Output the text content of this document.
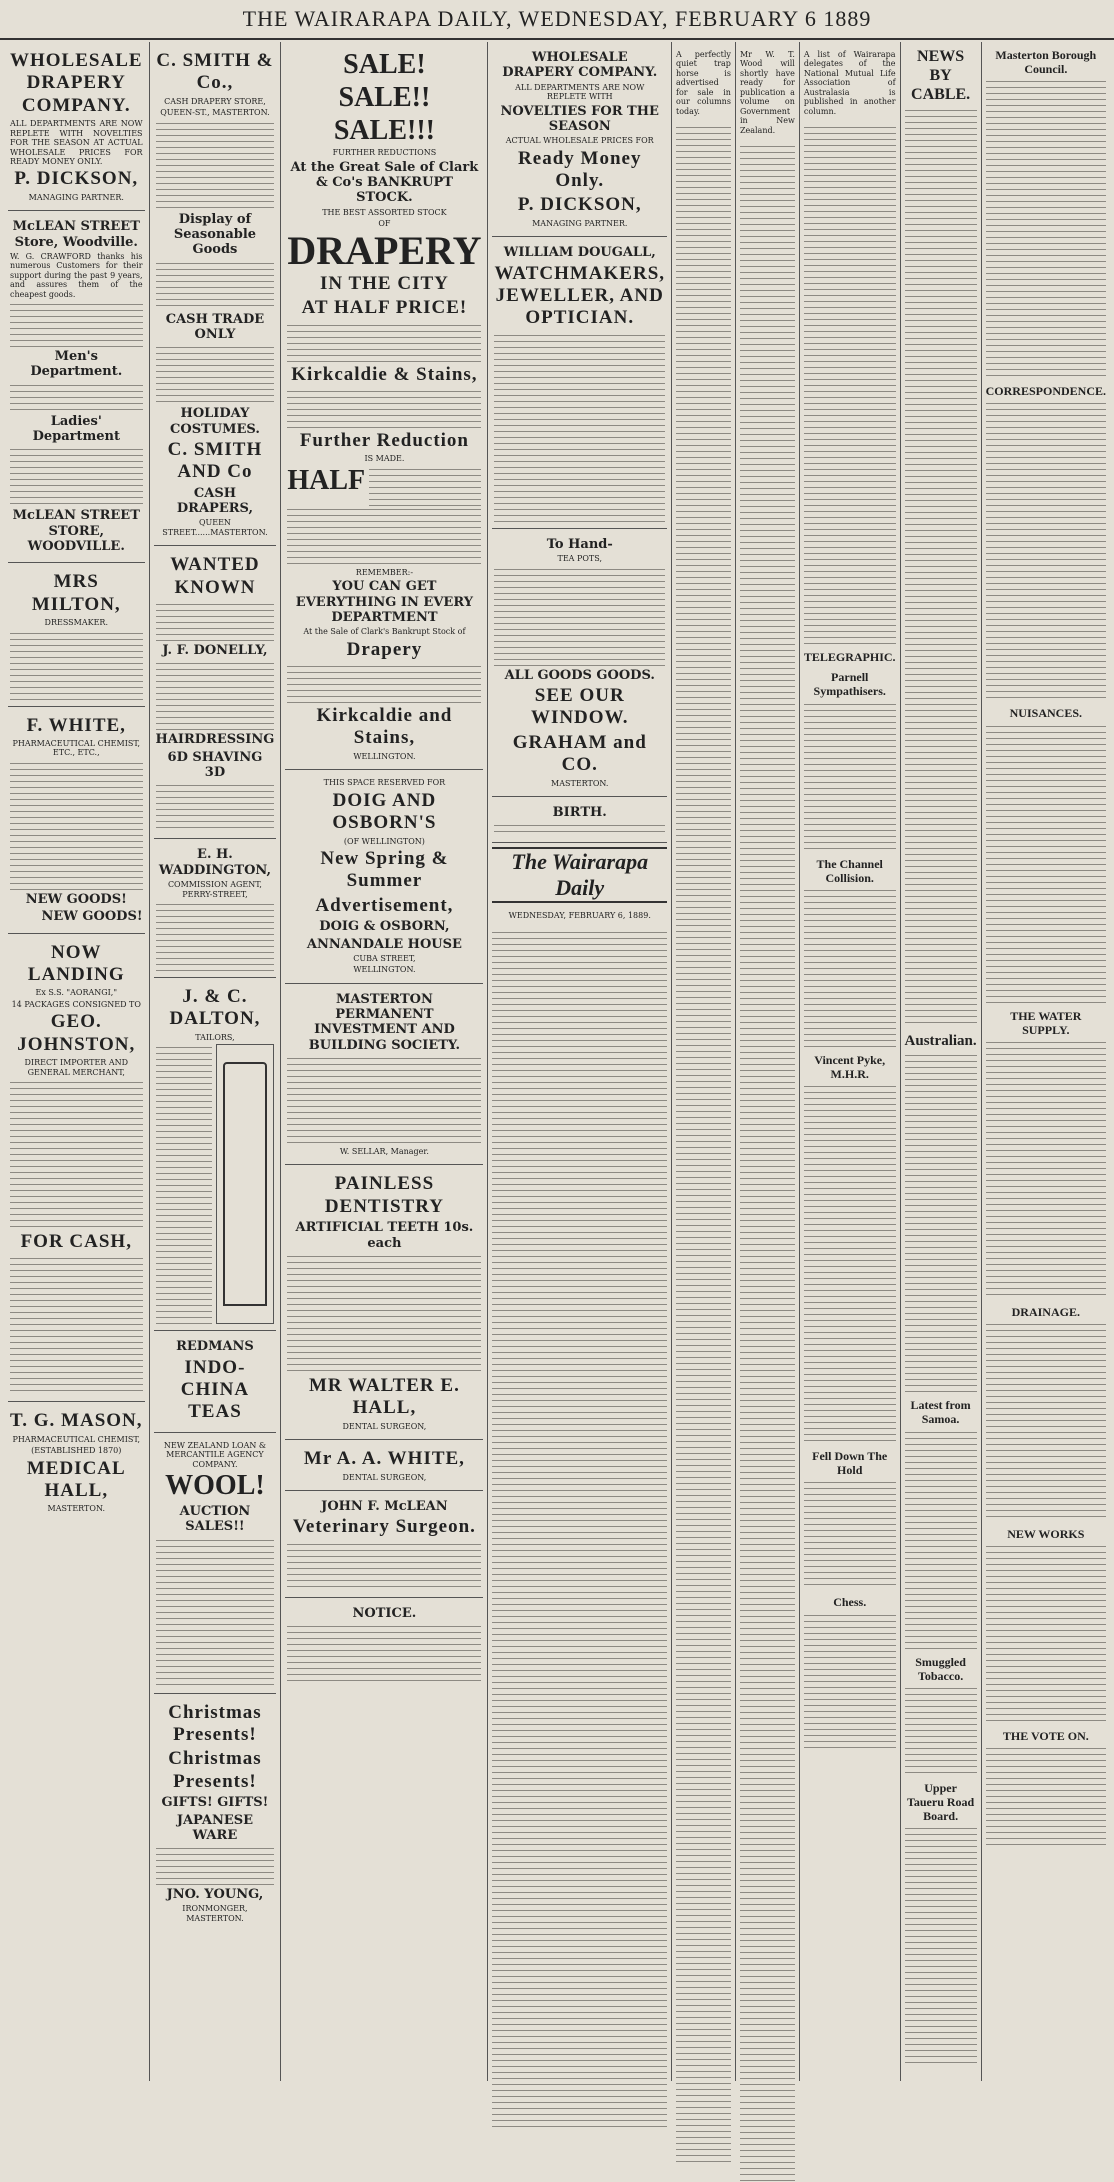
THE WAIRARAPA DAILY, WEDNESDAY, FEBRUARY 6 1889

WHOLESALE DRAPERY COMPANY.

ALL DEPARTMENTS ARE NOW REPLETE WITH NOVELTIES FOR THE SEASON AT ACTUAL WHOLESALE PRICES FOR READY MONEY ONLY.

P. DICKSON,

MANAGING PARTNER.

McLEAN STREET Store, Woodville.

W. G. CRAWFORD thanks his numerous Customers for their support during the past 9 years, and assures them of the cheapest goods.

Men's Department.

Ladies' Department

McLEAN STREET STORE, WOODVILLE.

MRS MILTON,

DRESSMAKER.

F. WHITE,

PHARMACEUTICAL CHEMIST, ETC., ETC.,

NEW GOODS!

NEW GOODS!

NOW LANDING

Ex S.S. "AORANGI,"

14 PACKAGES CONSIGNED TO

GEO. JOHNSTON,

DIRECT IMPORTER AND GENERAL MERCHANT,

FOR CASH,

T. G. MASON,

PHARMACEUTICAL CHEMIST,

(ESTABLISHED 1870)

MEDICAL HALL,

MASTERTON.

C. SMITH & Co.,

CASH DRAPERY STORE,

QUEEN-ST., MASTERTON.

Display of Seasonable Goods

CASH TRADE ONLY

HOLIDAY COSTUMES.

C. SMITH AND Co

CASH DRAPERS,

QUEEN STREET......MASTERTON.

WANTED KNOWN

J. F. DONELLY,

HAIRDRESSING

6D SHAVING 3D

E. H. WADDINGTON,

COMMISSION AGENT, PERRY-STREET,

J. & C. DALTON,

TAILORS,

REDMANS

INDO-CHINA TEAS

NEW ZEALAND LOAN & MERCANTILE AGENCY COMPANY.

WOOL!

AUCTION SALES!!

Christmas Presents!

Christmas Presents!

GIFTS! GIFTS!

JAPANESE WARE

JNO. YOUNG,

IRONMONGER, MASTERTON.

SALE!

SALE!!

SALE!!!

FURTHER REDUCTIONS

At the Great Sale of Clark & Co's BANKRUPT STOCK.

THE BEST ASSORTED STOCK

OF

DRAPERY

IN THE CITY

AT HALF PRICE!

Kirkcaldie & Stains,

Further Reduction

IS MADE.

HALF

REMEMBER:-

YOU CAN GET EVERYTHING IN EVERY DEPARTMENT

At the Sale of Clark's Bankrupt Stock of

Drapery

Kirkcaldie and Stains,

WELLINGTON.

THIS SPACE RESERVED FOR

DOIG AND OSBORN'S

(OF WELLINGTON)

New Spring & Summer

Advertisement,

DOIG & OSBORN,

ANNANDALE HOUSE

CUBA STREET,

WELLINGTON.

MASTERTON PERMANENT INVESTMENT AND BUILDING SOCIETY.

W. SELLAR, Manager.

PAINLESS DENTISTRY

ARTIFICIAL TEETH 10s. each

MR WALTER E. HALL,

DENTAL SURGEON,

Mr A. A. WHITE,

DENTAL SURGEON,

JOHN F. McLEAN

Veterinary Surgeon.

NOTICE.

WHOLESALE DRAPERY COMPANY.

ALL DEPARTMENTS ARE NOW REPLETE WITH

NOVELTIES FOR THE SEASON

ACTUAL WHOLESALE PRICES FOR

Ready Money Only.

P. DICKSON,

MANAGING PARTNER.

WILLIAM DOUGALL,

WATCHMAKERS, JEWELLER, AND OPTICIAN.

To Hand-

TEA POTS,

ALL GOODS GOODS.

SEE OUR WINDOW.

GRAHAM and CO.

MASTERTON.

BIRTH.

The Wairarapa Daily

WEDNESDAY, FEBRUARY 6, 1889.

A perfectly quiet trap horse is advertised for sale in our columns today.

Mr W. T. Wood will shortly have ready for publication a volume on Government in New Zealand.

A list of Wairarapa delegates of the National Mutual Life Association of Australasia is published in another column.

TELEGRAPHIC.
Parnell Sympathisers.
The Channel Collision.
Vincent Pyke, M.H.R.
Fell Down The Hold
Chess.
NEWS BY CABLE.
Australian.
Latest from Samoa.
Smuggled Tobacco.
Upper Taueru Road Board.
Masterton Borough Council.
CORRESPONDENCE.
NUISANCES.
THE WATER SUPPLY.
DRAINAGE.
NEW WORKS
THE VOTE ON.
